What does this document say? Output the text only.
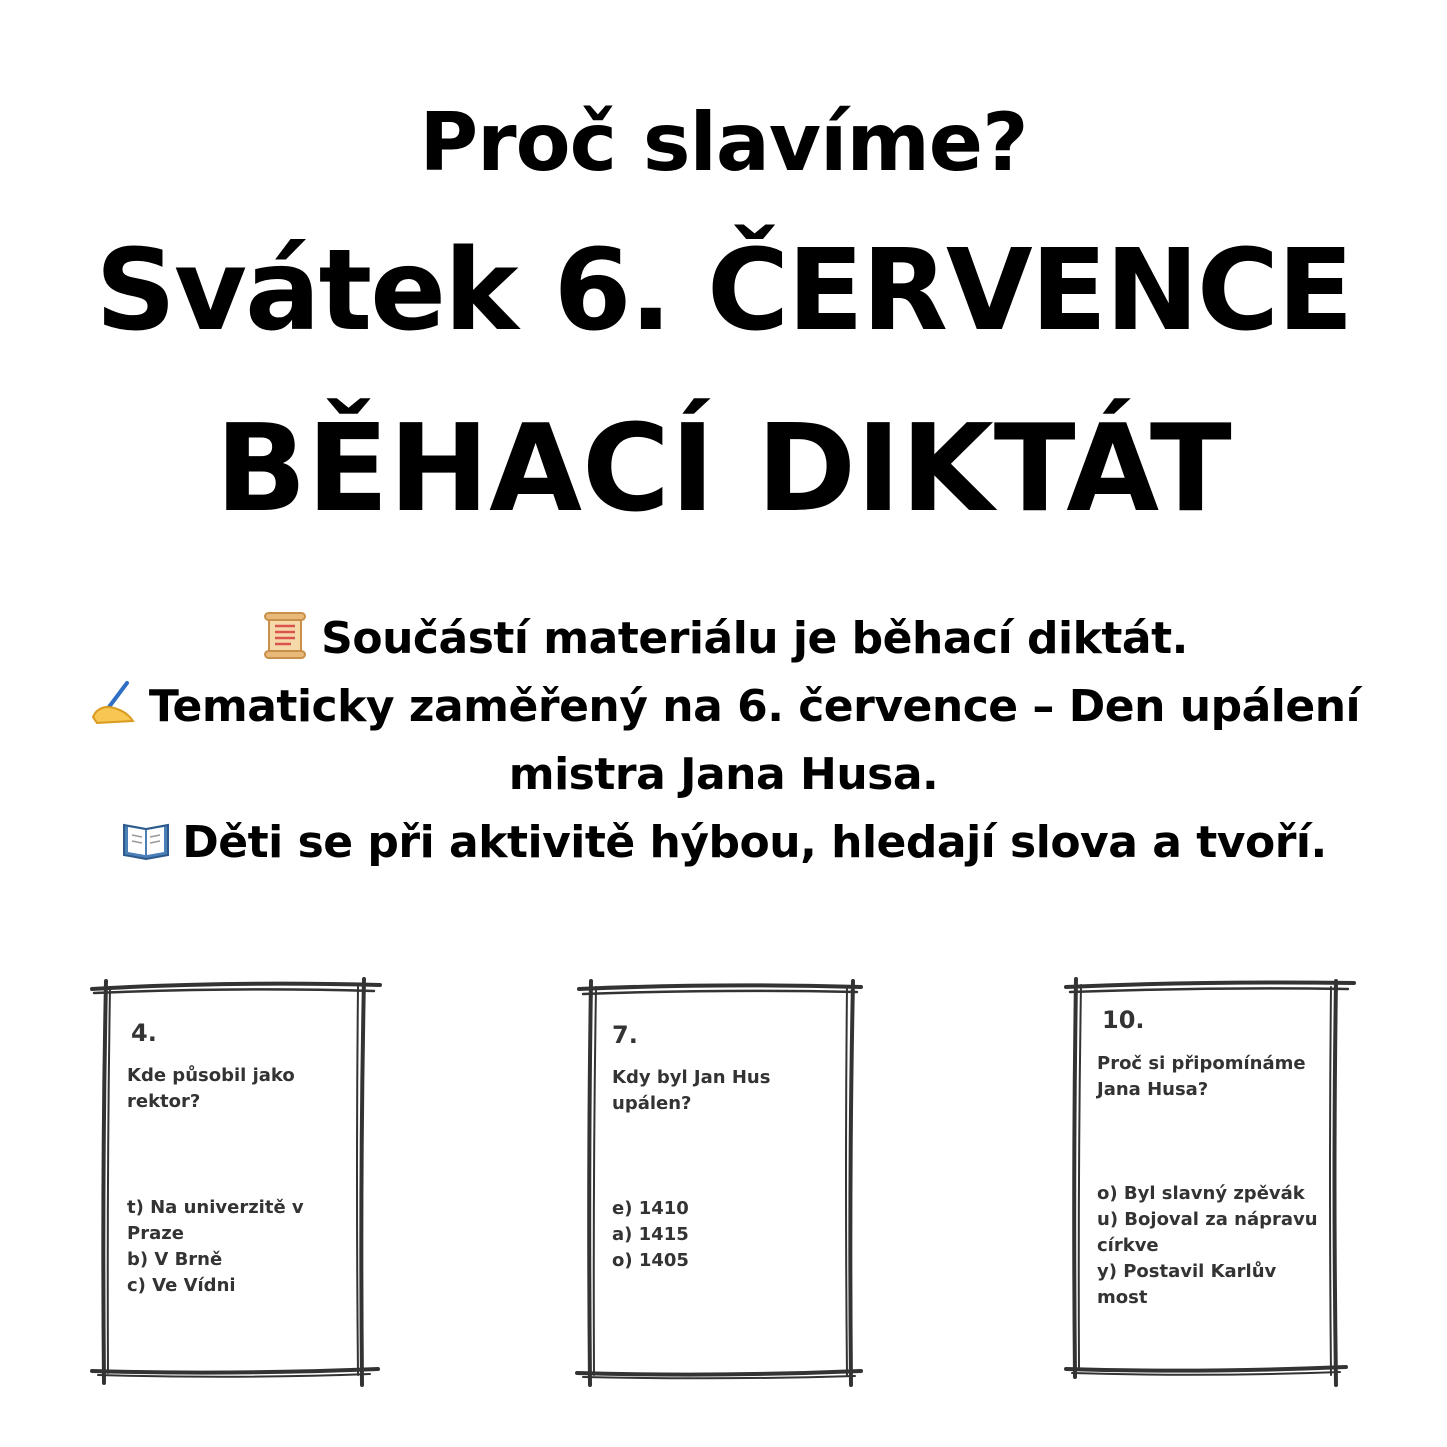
Proč slavíme?
Svátek 6. ČERVENCE
BĚHACÍ DIKTÁT
Součástí materiálu je běhací diktát.
Tematicky zaměřený na 6. července – Den upálení
mistra Jana Husa.
Děti se při aktivitě hýbou, hledají slova a tvoří.
4.
Kde působil jako
rektor?
t) Na univerzitě v
Praze
b) V Brně
c) Ve Vídni
7.
Kdy byl Jan Hus
upálen?
e) 1410
a) 1415
o) 1405
10.
Proč si připomínáme
Jana Husa?
o) Byl slavný zpěvák
u) Bojoval za nápravu
církve
y) Postavil Karlův
most
